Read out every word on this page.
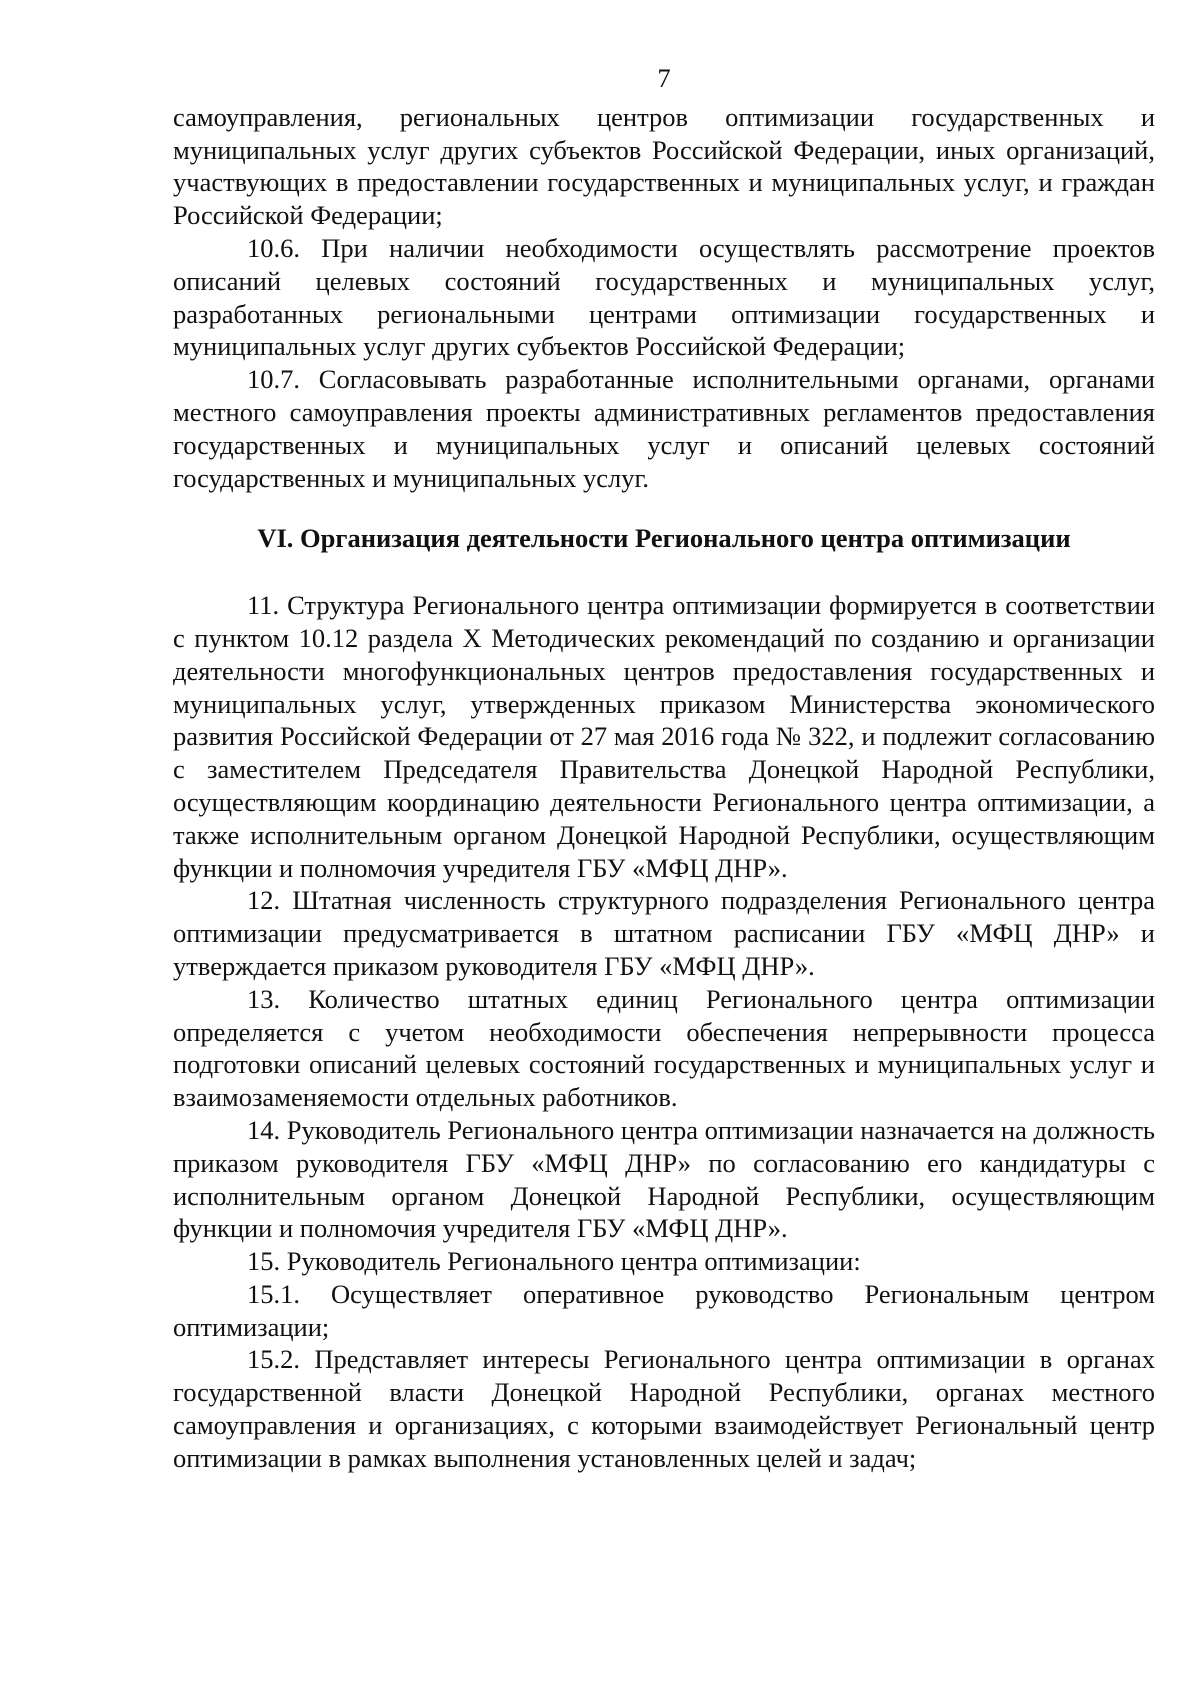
7

самоуправления, региональных центров оптимизации государственных и муниципальных услуг других субъектов Российской Федерации, иных организаций, участвующих в предоставлении государственных и муниципальных услуг, и граждан Российской Федерации;

10.6. При наличии необходимости осуществлять рассмотрение проектов описаний целевых состояний государственных и муниципальных услуг, разработанных региональными центрами оптимизации государственных и муниципальных услуг других субъектов Российской Федерации;

10.7. Согласовывать разработанные исполнительными органами, органами местного самоуправления проекты административных регламентов предоставления государственных и муниципальных услуг и описаний целевых состояний государственных и муниципальных услуг.

VI. Организация деятельности Регионального центра оптимизации

11. Структура Регионального центра оптимизации формируется в соответствии с пунктом 10.12 раздела X Методических рекомендаций по созданию и организации деятельности многофункциональных центров предоставления государственных и муниципальных услуг, утвержденных приказом Министерства экономического развития Российской Федерации от 27 мая 2016 года № 322, и подлежит согласованию с заместителем Председателя Правительства Донецкой Народной Республики, осуществляющим координацию деятельности Регионального центра оптимизации, а также исполнительным органом Донецкой Народной Республики, осуществляющим функции и полномочия учредителя ГБУ «МФЦ ДНР».

12. Штатная численность структурного подразделения Регионального центра оптимизации предусматривается в штатном расписании ГБУ «МФЦ ДНР» и утверждается приказом руководителя ГБУ «МФЦ ДНР».

13. Количество штатных единиц Регионального центра оптимизации определяется с учетом необходимости обеспечения непрерывности процесса подготовки описаний целевых состояний государственных и муниципальных услуг и взаимозаменяемости отдельных работников.

14. Руководитель Регионального центра оптимизации назначается на должность приказом руководителя ГБУ «МФЦ ДНР» по согласованию его кандидатуры с исполнительным органом Донецкой Народной Республики, осуществляющим функции и полномочия учредителя ГБУ «МФЦ ДНР».

15. Руководитель Регионального центра оптимизации:

15.1. Осуществляет оперативное руководство Региональным центром оптимизации;

15.2. Представляет интересы Регионального центра оптимизации в органах государственной власти Донецкой Народной Республики, органах местного самоуправления и организациях, с которыми взаимодействует Региональный центр оптимизации в рамках выполнения установленных целей и задач;
